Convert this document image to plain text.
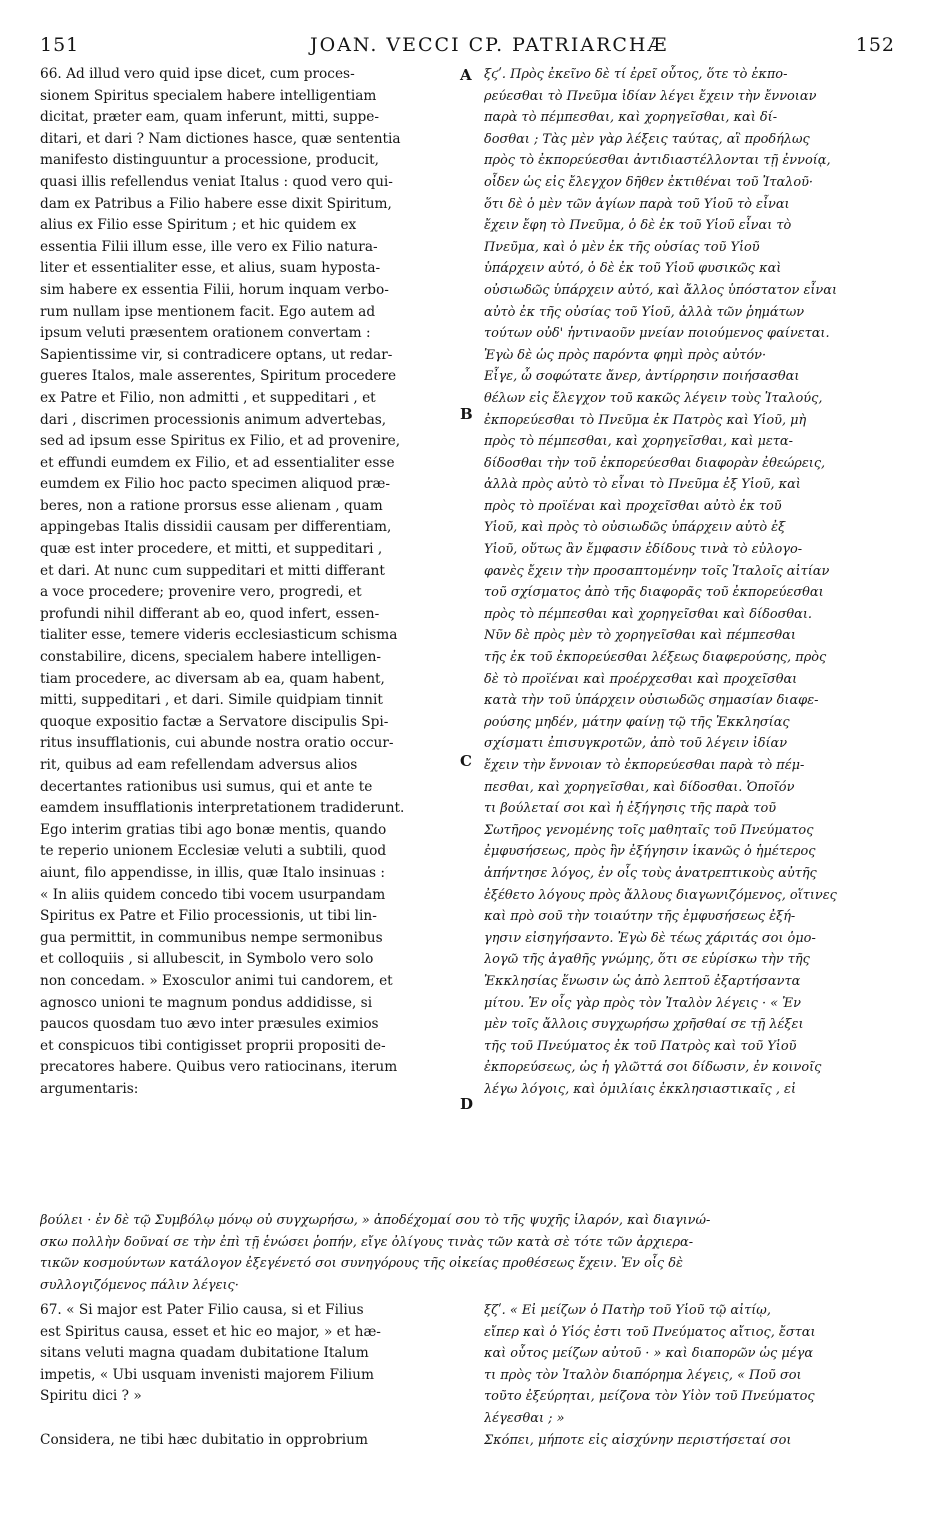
151	JOAN. VECCI CP. PATRIARCHÆ	152
66. Ad illud vero quid ipse dicet, cum proces-
sionem Spiritus specialem habere intelligentiam
dicitat, præter eam, quam inferunt, mitti, suppe-
ditari, et dari ? Nam dictiones hasce, quæ sententia
manifesto distinguuntur a processione, producit,
quasi illis refellendus veniat Italus : quod vero qui-
dam ex Patribus a Filio habere esse dixit Spiritum,
alius ex Filio esse Spiritum ; et hic quidem ex
essentia Filii illum esse, ille vero ex Filio natura-
liter et essentialiter esse, et alius, suam hyposta-
sim habere ex essentia Filii, horum inquam verbo-
rum nullam ipse mentionem facit. Ego autem ad
ipsum veluti præsentem orationem convertam :
Sapientissime vir, si contradicere optans, ut redar-
gueres Italos, male asserentes, Spiritum procedere
ex Patre et Filio, non admitti , et suppeditari , et
dari , discrimen processionis animum advertebas,
sed ad ipsum esse Spiritus ex Filio, et ad provenire,
et effundi eumdem ex Filio, et ad essentialiter esse
eumdem ex Filio hoc pacto specimen aliquod præ-
beres, non a ratione prorsus esse alienam , quam
appingebas Italis dissidii causam per differentiam,
quæ est inter procedere, et mitti, et suppeditari ,
et dari. At nunc cum suppeditari et mitti differant
a voce procedere; provenire vero, progredi, et
profundi nihil differant ab eo, quod infert, essen-
tialiter esse, temere videris ecclesiasticum schisma
constabilire, dicens, specialem habere intelligen-
tiam procedere, ac diversam ab ea, quam habent,
mitti, suppeditari , et dari. Simile quidpiam tinnit
quoque expositio factæ a Servatore discipulis Spi-
ritus insufflationis, cui abunde nostra oratio occur-
rit, quibus ad eam refellendam adversus alios
decertantes rationibus usi sumus, qui et ante te
eamdem insufflationis interpretationem tradiderunt.
Ego interim gratias tibi ago bonæ mentis, quando
te reperio unionem Ecclesiæ veluti a subtili, quod
aiunt, filo appendisse, in illis, quæ Italo insinuas :
« In aliis quidem concedo tibi vocem usurpandam
Spiritus ex Patre et Filio processionis, ut tibi lin-
gua permittit, in communibus nempe sermonibus
et colloquiis , si allubescit, in Symbolo vero solo
non concedam. » Exosculor animi tui candorem, et
agnosco unioni te magnum pondus addidisse, si
paucos quosdam tuo ævo inter præsules eximios
et conspicuos tibi contigisset proprii propositi de-
precatores habere. Quibus vero ratiocinans, iterum
argumentaris:
ξϛʹ. Πρὸς ἐκεῖνο δὲ τί ἐρεῖ οὗτος, ὅτε τὸ ἐκπο-
ρεύεσθαι τὸ Πνεῦμα ἰδίαν λέγει ἔχειν τὴν ἔννοιαν
παρὰ τὸ πέμπεσθαι, καὶ χορηγεῖσθαι, καὶ δί-
δοσθαι ; Τὰς μὲν γὰρ λέξεις ταύτας, αἳ προδήλως
πρὸς τὸ ἐκπορεύεσθαι ἀντιδιαστέλλονται τῇ ἐννοίᾳ,
οἶδεν ὡς εἰς ἔλεγχον δῆθεν ἐκτιθέναι τοῦ Ἰταλοῦ·
ὅτι δὲ ὁ μὲν τῶν ἁγίων παρὰ τοῦ Υἱοῦ τὸ εἶναι
ἔχειν ἔφη τὸ Πνεῦμα, ὁ δὲ ἐκ τοῦ Υἱοῦ εἶναι τὸ
Πνεῦμα, καὶ ὁ μὲν ἐκ τῆς οὐσίας τοῦ Υἱοῦ
ὑπάρχειν αὐτό, ὁ δὲ ἐκ τοῦ Υἱοῦ φυσικῶς καὶ
οὐσιωδῶς ὑπάρχειν αὐτό, καὶ ἄλλος ὑπόστατον εἶναι
αὐτὸ ἐκ τῆς οὐσίας τοῦ Υἱοῦ, ἀλλὰ τῶν ῥημάτων
τούτων οὐδ' ἡντιναοῦν μνείαν ποιούμενος φαίνεται.
Ἐγὼ δὲ ὡς πρὸς παρόντα φημὶ πρὸς αὐτόν·
Εἶγε, ὦ σοφώτατε ἄνερ, ἀντίρρησιν ποιήσασθαι
θέλων εἰς ἔλεγχον τοῦ κακῶς λέγειν τοὺς Ἰταλούς,
ἐκπορεύεσθαι τὸ Πνεῦμα ἐκ Πατρὸς καὶ Υἱοῦ, μὴ
πρὸς τὸ πέμπεσθαι, καὶ χορηγεῖσθαι, καὶ μετα-
δίδοσθαι τὴν τοῦ ἐκπορεύεσθαι διαφορὰν ἐθεώρεις,
ἀλλὰ πρὸς αὐτὸ τὸ εἶναι τὸ Πνεῦμα ἐξ Υἱοῦ, καὶ
πρὸς τὸ προϊέναι καὶ προχεῖσθαι αὐτὸ ἐκ τοῦ
Υἱοῦ, καὶ πρὸς τὸ οὐσιωδῶς ὑπάρχειν αὐτὸ ἐξ
Υἱοῦ, οὕτως ἂν ἔμφασιν ἐδίδους τινὰ τὸ εὐλογο-
φανὲς ἔχειν τὴν προσαπτομένην τοῖς Ἰταλοῖς αἰτίαν
τοῦ σχίσματος ἀπὸ τῆς διαφορᾶς τοῦ ἐκπορεύεσθαι
πρὸς τὸ πέμπεσθαι καὶ χορηγεῖσθαι καὶ δίδοσθαι.
Νῦν δὲ πρὸς μὲν τὸ χορηγεῖσθαι καὶ πέμπεσθαι
τῆς ἐκ τοῦ ἐκπορεύεσθαι λέξεως διαφερούσης, πρὸς
δὲ τὸ προϊέναι καὶ προέρχεσθαι καὶ προχεῖσθαι
κατὰ τὴν τοῦ ὑπάρχειν οὐσιωδῶς σημασίαν διαφε-
ρούσης μηδέν, μάτην φαίνῃ τῷ τῆς Ἐκκλησίας
σχίσματι ἐπισυγκροτῶν, ἀπὸ τοῦ λέγειν ἰδίαν
ἔχειν τὴν ἔννοιαν τὸ ἐκπορεύεσθαι παρὰ τὸ πέμ-
πεσθαι, καὶ χορηγεῖσθαι, καὶ δίδοσθαι. Ὁποῖόν
τι βούλεταί σοι καὶ ἡ ἐξήγησις τῆς παρὰ τοῦ
Σωτῆρος γενομένης τοῖς μαθηταῖς τοῦ Πνεύματος
ἐμφυσήσεως, πρὸς ἣν ἐξήγησιν ἱκανῶς ὁ ἡμέτερος
ἀπήντησε λόγος, ἐν οἷς τοὺς ἀνατρεπτικοὺς αὐτῆς
ἐξέθετο λόγους πρὸς ἄλλους διαγωνιζόμενος, οἵτινες
καὶ πρὸ σοῦ τὴν τοιαύτην τῆς ἐμφυσήσεως ἐξή-
γησιν εἰσηγήσαντο. Ἐγὼ δὲ τέως χάριτάς σοι ὁμο-
λογῶ τῆς ἀγαθῆς γνώμης, ὅτι σε εὑρίσκω τὴν τῆς
Ἐκκλησίας ἕνωσιν ὡς ἀπὸ λεπτοῦ ἐξαρτήσαντα
μίτου. Ἐν οἷς γὰρ πρὸς τὸν Ἰταλὸν λέγεις · « Ἐν
μὲν τοῖς ἄλλοις συγχωρήσω χρῆσθαί σε τῇ λέξει
τῆς τοῦ Πνεύματος ἐκ τοῦ Πατρὸς καὶ τοῦ Υἱοῦ
ἐκπορεύσεως, ὡς ἡ γλῶττά σοι δίδωσιν, ἐν κοινοῖς
λέγω λόγοις, καὶ ὁμιλίαις ἐκκλησιαστικαῖς , εἰ
A
B
C
D
βούλει · ἐν δὲ τῷ Συμβόλῳ μόνῳ οὐ συγχωρήσω, » ἀποδέχομαί σου τὸ τῆς ψυχῆς ἱλαρόν, καὶ διαγινώ-
σκω πολλὴν δοῦναί σε τὴν ἐπὶ τῇ ἑνώσει ῥοπήν, εἴγε ὀλίγους τινὰς τῶν κατὰ σὲ τότε τῶν ἀρχιερα-
τικῶν κοσμούντων κατάλογον ἐξεγένετό σοι συνηγόρους τῆς οἰκείας προθέσεως ἔχειν. Ἐν οἷς δὲ
συλλογιζόμενος πάλιν λέγεις·
67. « Si major est Pater Filio causa, si et Filius
est Spiritus causa, esset et hic eo major, » et hæ-
sitans veluti magna quadam dubitatione Italum
impetis, « Ubi usquam invenisti majorem Filium
Spiritu dici ? »
Considera, ne tibi hæc dubitatio in opprobrium
ξζʹ. « Εἰ μείζων ὁ Πατὴρ τοῦ Υἱοῦ τῷ αἰτίῳ,
εἴπερ καὶ ὁ Υἱός ἐστι τοῦ Πνεύματος αἴτιος, ἔσται
καὶ οὗτος μείζων αὐτοῦ · » καὶ διαπορῶν ὡς μέγα
τι πρὸς τὸν Ἰταλὸν διαπόρημα λέγεις, « Ποῦ σοι
τοῦτο ἐξεύρηται, μείζονα τὸν Υἱὸν τοῦ Πνεύματος
λέγεσθαι ; »
Σκόπει, μήποτε εἰς αἰσχύνην περιστήσεταί σοι
